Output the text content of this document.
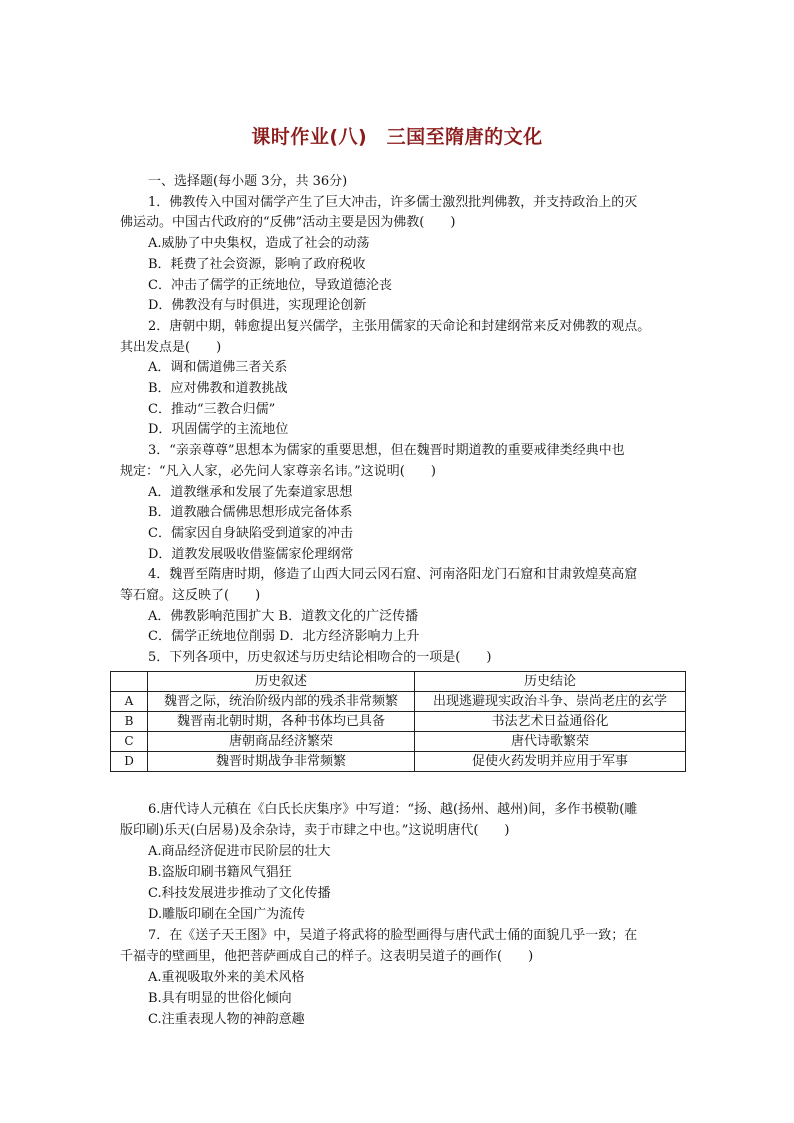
课时作业(八)　三国至隋唐的文化
一、选择题(每小题 3分，共 36分)
1．佛教传入中国对儒学产生了巨大冲击，许多儒士激烈批判佛教，并支持政治上的灭
佛运动。中国古代政府的“反佛”活动主要是因为佛教(　　)
A.威胁了中央集权，造成了社会的动荡
B．耗费了社会资源，影响了政府税收
C．冲击了儒学的正统地位，导致道德沦丧
D．佛教没有与时俱进，实现理论创新
2．唐朝中期，韩愈提出复兴儒学，主张用儒家的天命论和封建纲常来反对佛教的观点。
其出发点是(　　)
A．调和儒道佛三者关系
B．应对佛教和道教挑战
C．推动“三教合归儒”
D．巩固儒学的主流地位
3．“亲亲尊尊”思想本为儒家的重要思想，但在魏晋时期道教的重要戒律类经典中也
规定：“凡入人家，必先问人家尊亲名讳。”这说明(　　)
A．道教继承和发展了先秦道家思想
B．道教融合儒佛思想形成完备体系
C．儒家因自身缺陷受到道家的冲击
D．道教发展吸收借鉴儒家伦理纲常
4．魏晋至隋唐时期，修造了山西大同云冈石窟、河南洛阳龙门石窟和甘肃敦煌莫高窟
等石窟。这反映了(　　)
A．佛教影响范围扩大 B．道教文化的广泛传播
C．儒学正统地位削弱 D．北方经济影响力上升
5．下列各项中，历史叙述与历史结论相吻合的一项是(　　)
	历史叙述	历史结论
A	魏晋之际，统治阶级内部的残杀非常频繁	出现逃避现实政治斗争、崇尚老庄的玄学
B	魏晋南北朝时期，各种书体均已具备	书法艺术日益通俗化
C	唐朝商品经济繁荣	唐代诗歌繁荣
D	魏晋时期战争非常频繁	促使火药发明并应用于军事
6.唐代诗人元稹在《白氏长庆集序》中写道：“扬、越(扬州、越州)间，多作书模勒(雕
版印刷)乐天(白居易)及余杂诗，卖于市肆之中也。”这说明唐代(　　)
A.商品经济促进市民阶层的壮大
B.盗版印刷书籍风气猖狂
C.科技发展进步推动了文化传播
D.雕版印刷在全国广为流传
7．在《送子天王图》中，吴道子将武将的脸型画得与唐代武士俑的面貌几乎一致；在
千福寺的壁画里，他把菩萨画成自己的样子。这表明吴道子的画作(　　)
A.重视吸取外来的美术风格
B.具有明显的世俗化倾向
C.注重表现人物的神韵意趣
